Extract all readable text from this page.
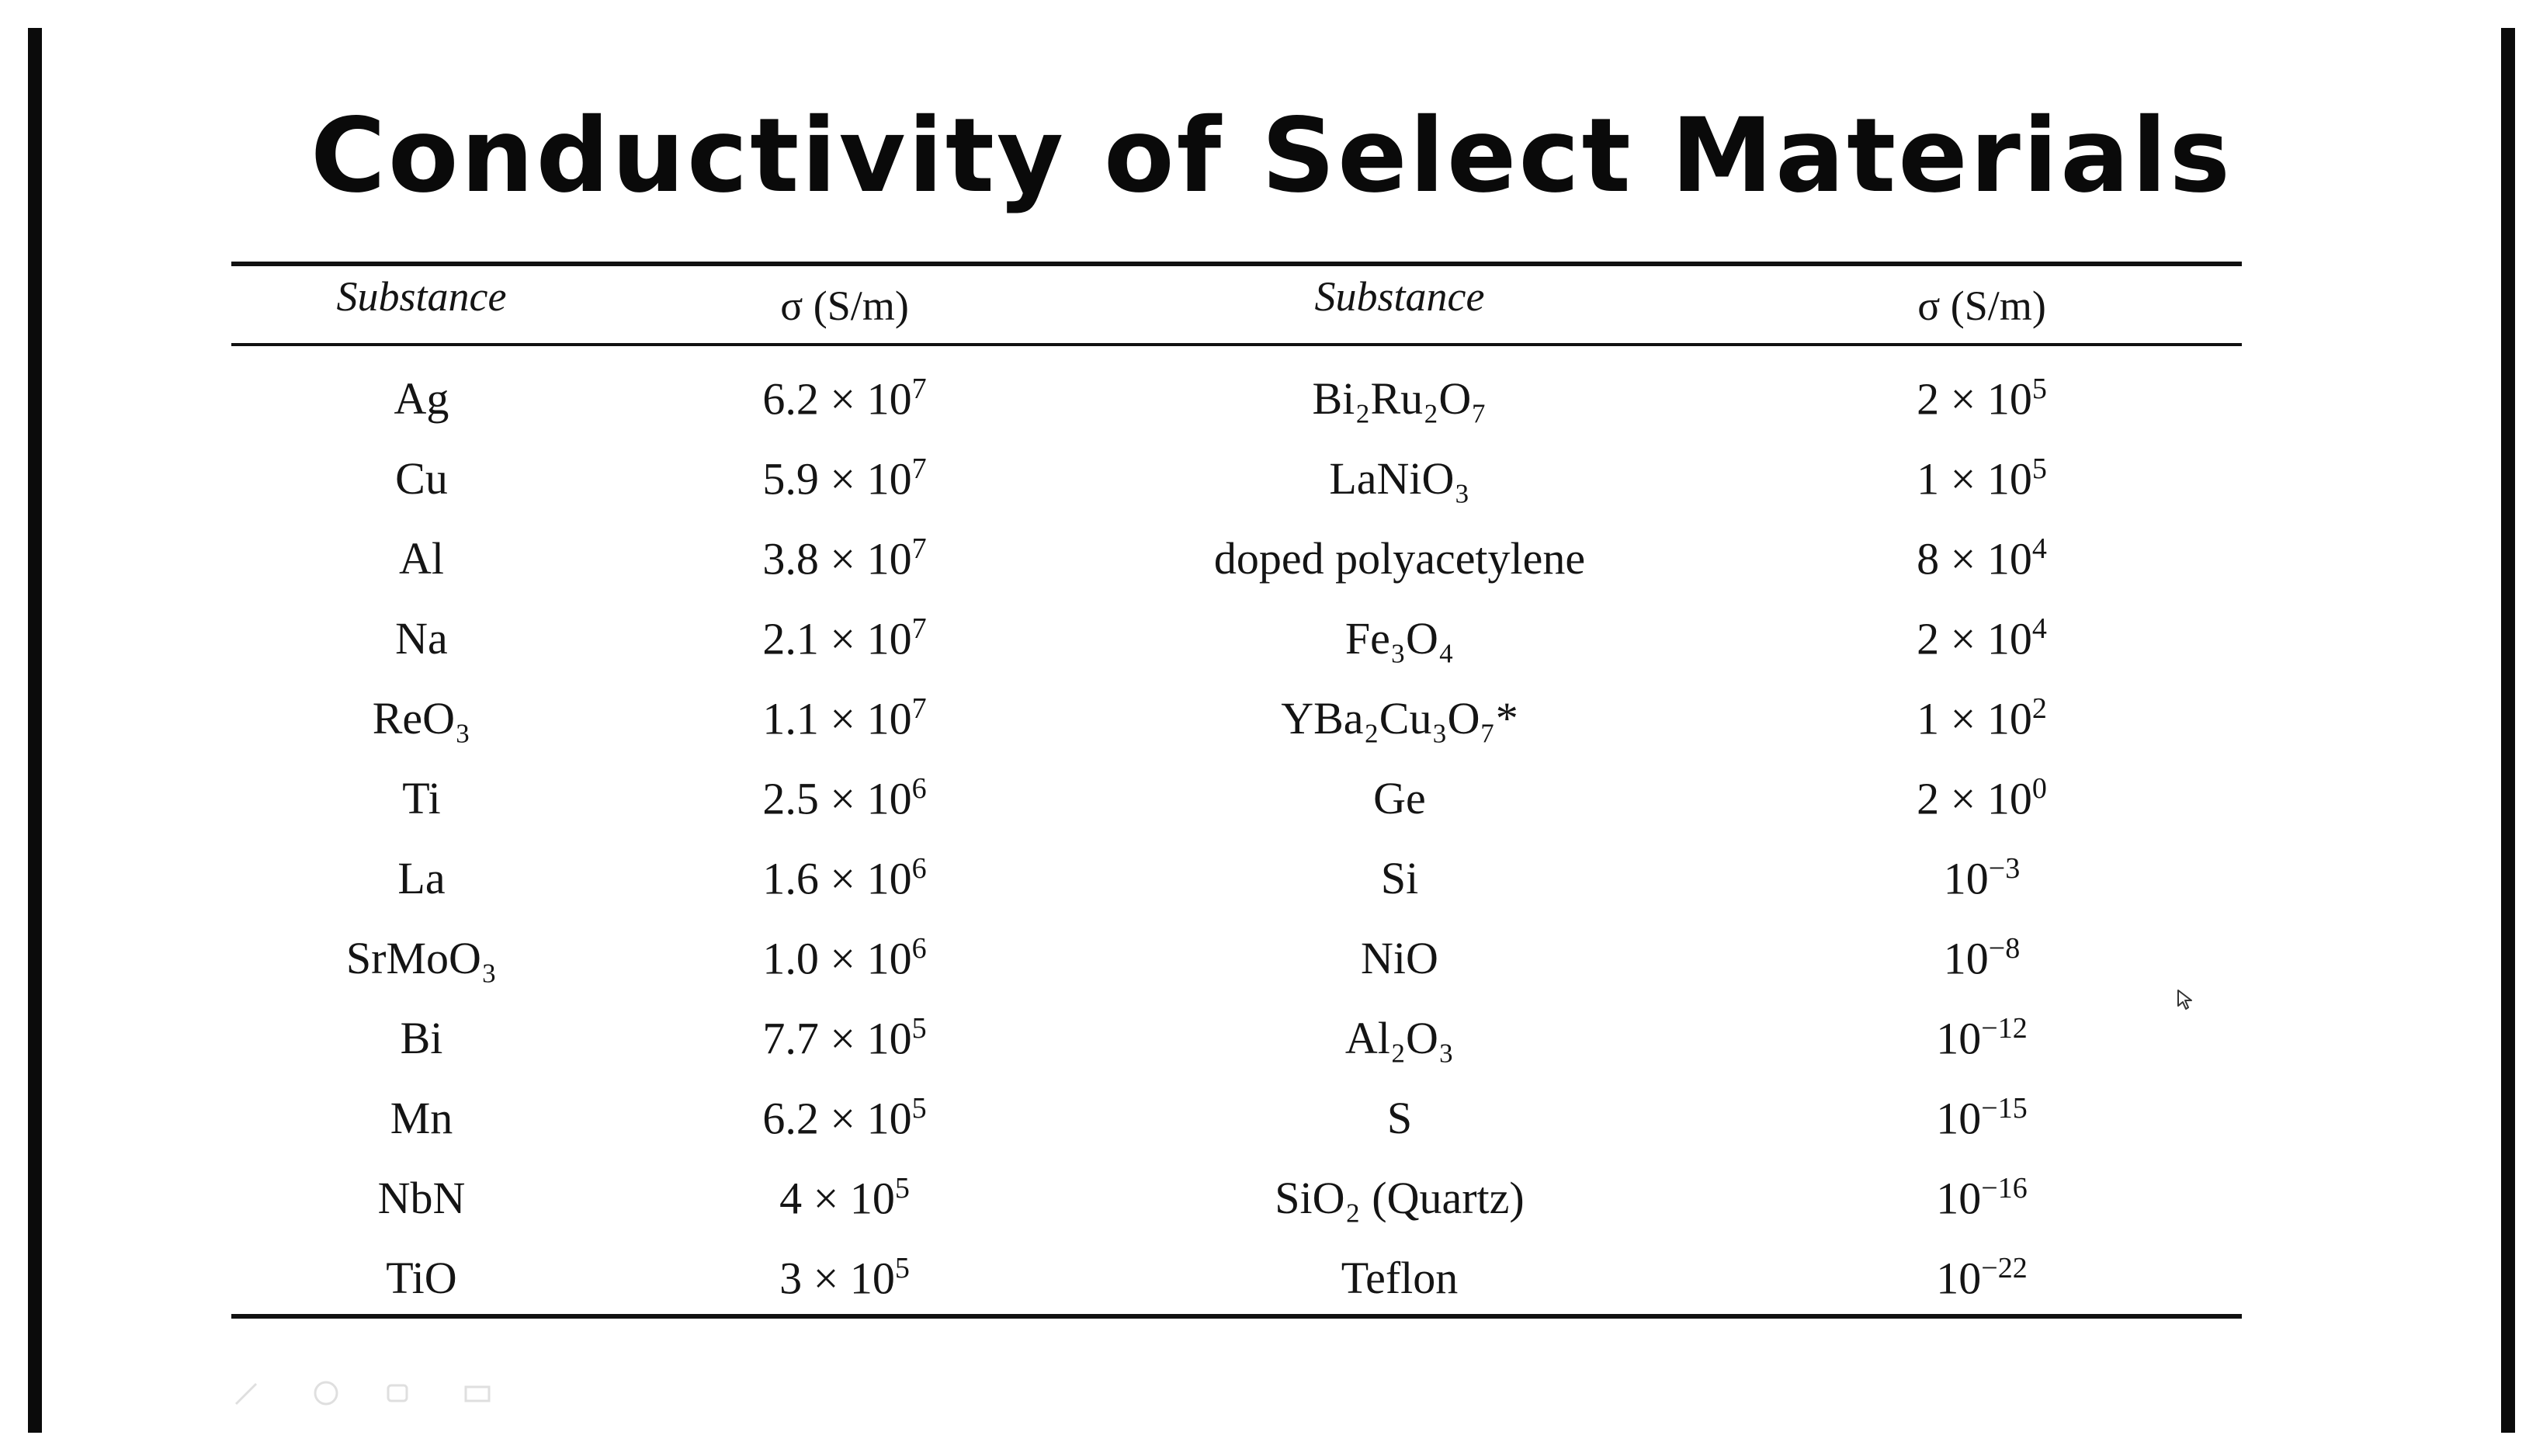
Conductivity of Select Materials
Substance	σ (S/m)	Substance	σ (S/m)
Ag	$6.2 \times 10^7$	Bi₂Ru₂O₇	$2 \times 10^5$
Cu	$5.9 \times 10^7$	LaNiO₃	$1 \times 10^5$
Al	$3.8 \times 10^7$	doped polyacetylene	$8 \times 10^4$
Na	$2.1 \times 10^7$	Fe₃O₄	$2 \times 10^4$
ReO₃	$1.1 \times 10^7$	YBa₂Cu₃O₇*	$1 \times 10^2$
Ti	$2.5 \times 10^6$	Ge	$2 \times 10^0$
La	$1.6 \times 10^6$	Si	$10^{-3}$
SrMoO₃	$1.0 \times 10^6$	NiO	$10^{-8}$
Bi	$7.7 \times 10^5$	Al₂O₃	$10^{-12}$
Mn	$6.2 \times 10^5$	S	$10^{-15}$
NbN	$4 \times 10^5$	SiO₂ (Quartz)	$10^{-16}$
TiO	$3 \times 10^5$	Teflon	$10^{-22}$
